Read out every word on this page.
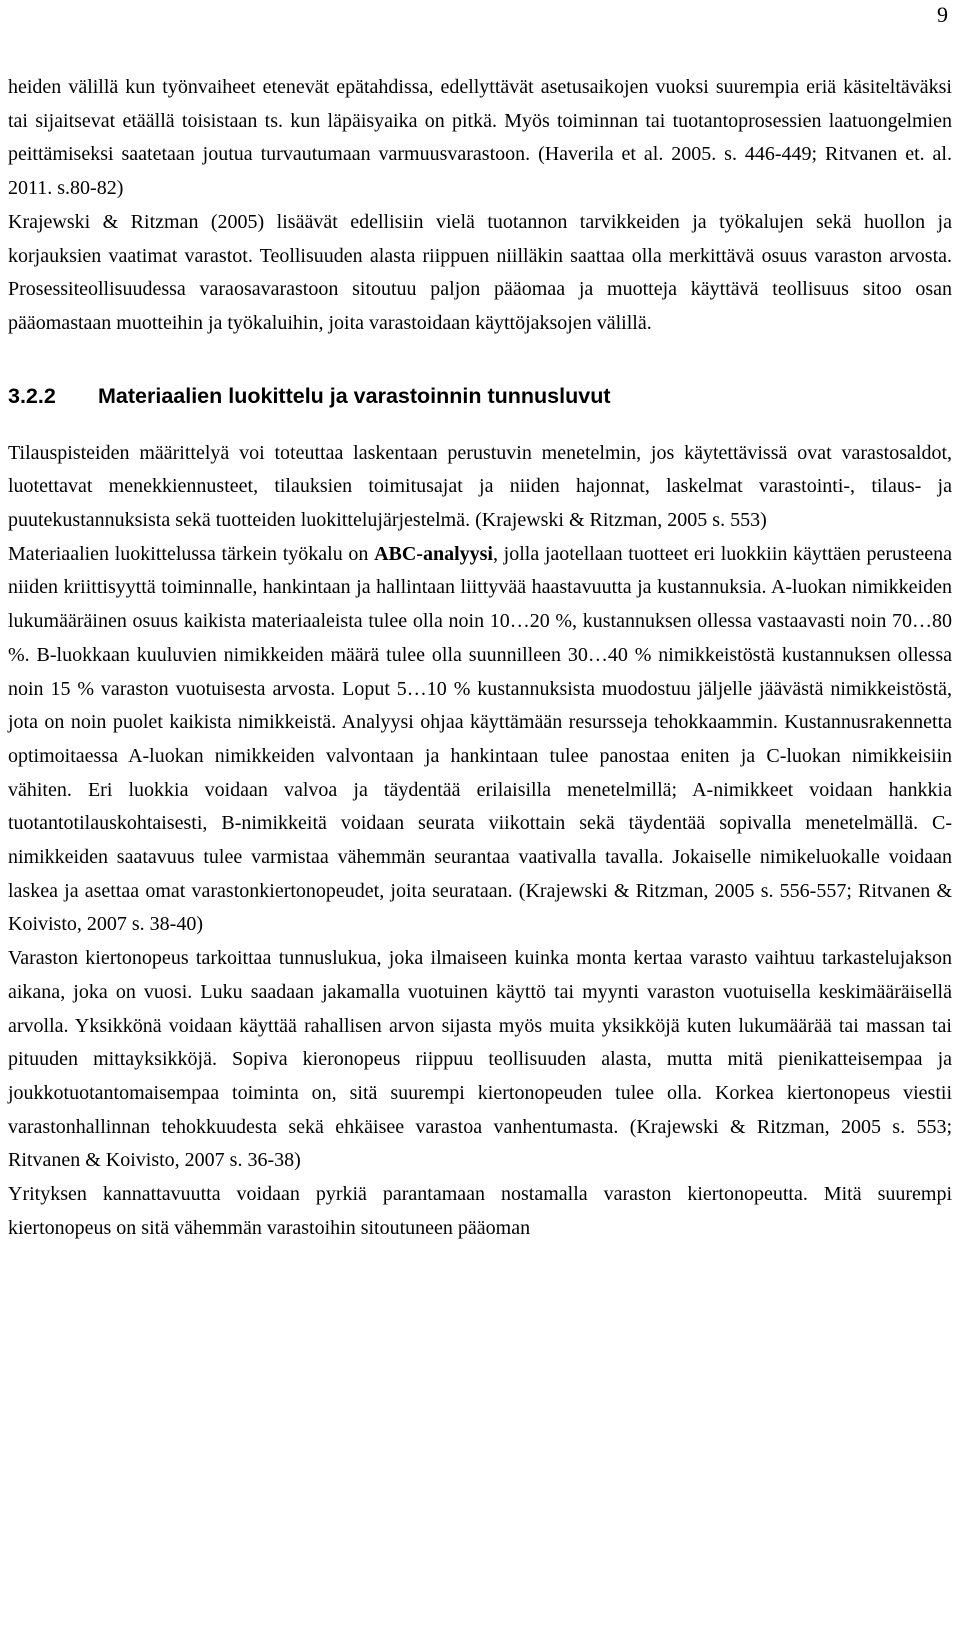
9

heiden välillä kun työnvaiheet etenevät epätahdissa, edellyttävät asetusaikojen vuoksi suurempia eriä käsiteltäväksi tai sijaitsevat etäällä toisistaan ts. kun läpäisyaika on pitkä. Myös toiminnan tai tuotantoprosessien laatuongelmien peittämiseksi saatetaan joutua turvautumaan varmuusvarastoon. (Haverila et al. 2005. s. 446-449; Ritvanen et. al. 2011. s.80-82)

Krajewski & Ritzman (2005) lisäävät edellisiin vielä tuotannon tarvikkeiden ja työkalujen sekä huollon ja korjauksien vaatimat varastot. Teollisuuden alasta riippuen niilläkin saattaa olla merkittävä osuus varaston arvosta. Prosessiteollisuudessa varaosavarastoon sitoutuu paljon pääomaa ja muotteja käyttävä teollisuus sitoo osan pääomastaan muotteihin ja työkaluihin, joita varastoidaan käyttöjaksojen välillä.

3.2.2	Materiaalien luokittelu ja varastoinnin tunnusluvut

Tilauspisteiden määrittelyä voi toteuttaa laskentaan perustuvin menetelmin, jos käytettävissä ovat varastosaldot, luotettavat menekkiennusteet, tilauksien toimitusajat ja niiden hajonnat, laskelmat varastointi-, tilaus- ja puutekustannuksista sekä tuotteiden luokittelujärjestelmä. (Krajewski & Ritzman, 2005 s. 553)

Materiaalien luokittelussa tärkein työkalu on ABC-analyysi, jolla jaotellaan tuotteet eri luokkiin käyttäen perusteena niiden kriittisyyttä toiminnalle, hankintaan ja hallintaan liittyvää haastavuutta ja kustannuksia. A-luokan nimikkeiden lukumääräinen osuus kaikista materiaaleista tulee olla noin 10…20 %, kustannuksen ollessa vastaavasti noin 70…80 %. B-luokkaan kuuluvien nimikkeiden määrä tulee olla suunnilleen 30…40 % nimikkeistöstä kustannuksen ollessa noin 15 % varaston vuotuisesta arvosta. Loput 5…10 % kustannuksista muodostuu jäljelle jäävästä nimikkeistöstä, jota on noin puolet kaikista nimikkeistä. Analyysi ohjaa käyttämään resursseja tehokkaammin. Kustannusrakennetta optimoitaessa A-luokan nimikkeiden valvontaan ja hankintaan tulee panostaa eniten ja C-luokan nimikkeisiin vähiten. Eri luokkia voidaan valvoa ja täydentää erilaisilla menetelmillä; A-nimikkeet voidaan hankkia tuotantotilauskohtaisesti, B-nimikkeitä voidaan seurata viikottain sekä täydentää sopivalla menetelmällä. C-nimikkeiden saatavuus tulee varmistaa vähemmän seurantaa vaativalla tavalla. Jokaiselle nimikeluokalle voidaan laskea ja asettaa omat varastonkiertonopeudet, joita seurataan. (Krajewski & Ritzman, 2005 s. 556-557; Ritvanen & Koivisto, 2007 s. 38-40)

Varaston kiertonopeus tarkoittaa tunnuslukua, joka ilmaiseen kuinka monta kertaa varasto vaihtuu tarkastelujakson aikana, joka on vuosi. Luku saadaan jakamalla vuotuinen käyttö tai myynti varaston vuotuisella keskimääräisellä arvolla. Yksikkönä voidaan käyttää rahallisen arvon sijasta myös muita yksikköjä kuten lukumäärää tai massan tai pituuden mittayksikköjä. Sopiva kieronopeus riippuu teollisuuden alasta, mutta mitä pienikatteisempaa ja joukkotuotantomaisempaa toiminta on, sitä suurempi kiertonopeuden tulee olla. Korkea kiertonopeus viestii varastonhallinnan tehokkuudesta sekä ehkäisee varastoa vanhentumasta. (Krajewski & Ritzman, 2005 s. 553; Ritvanen & Koivisto, 2007 s. 36-38)

Yrityksen kannattavuutta voidaan pyrkiä parantamaan nostamalla varaston kiertonopeutta. Mitä suurempi kiertonopeus on sitä vähemmän varastoihin sitoutuneen pääoman
